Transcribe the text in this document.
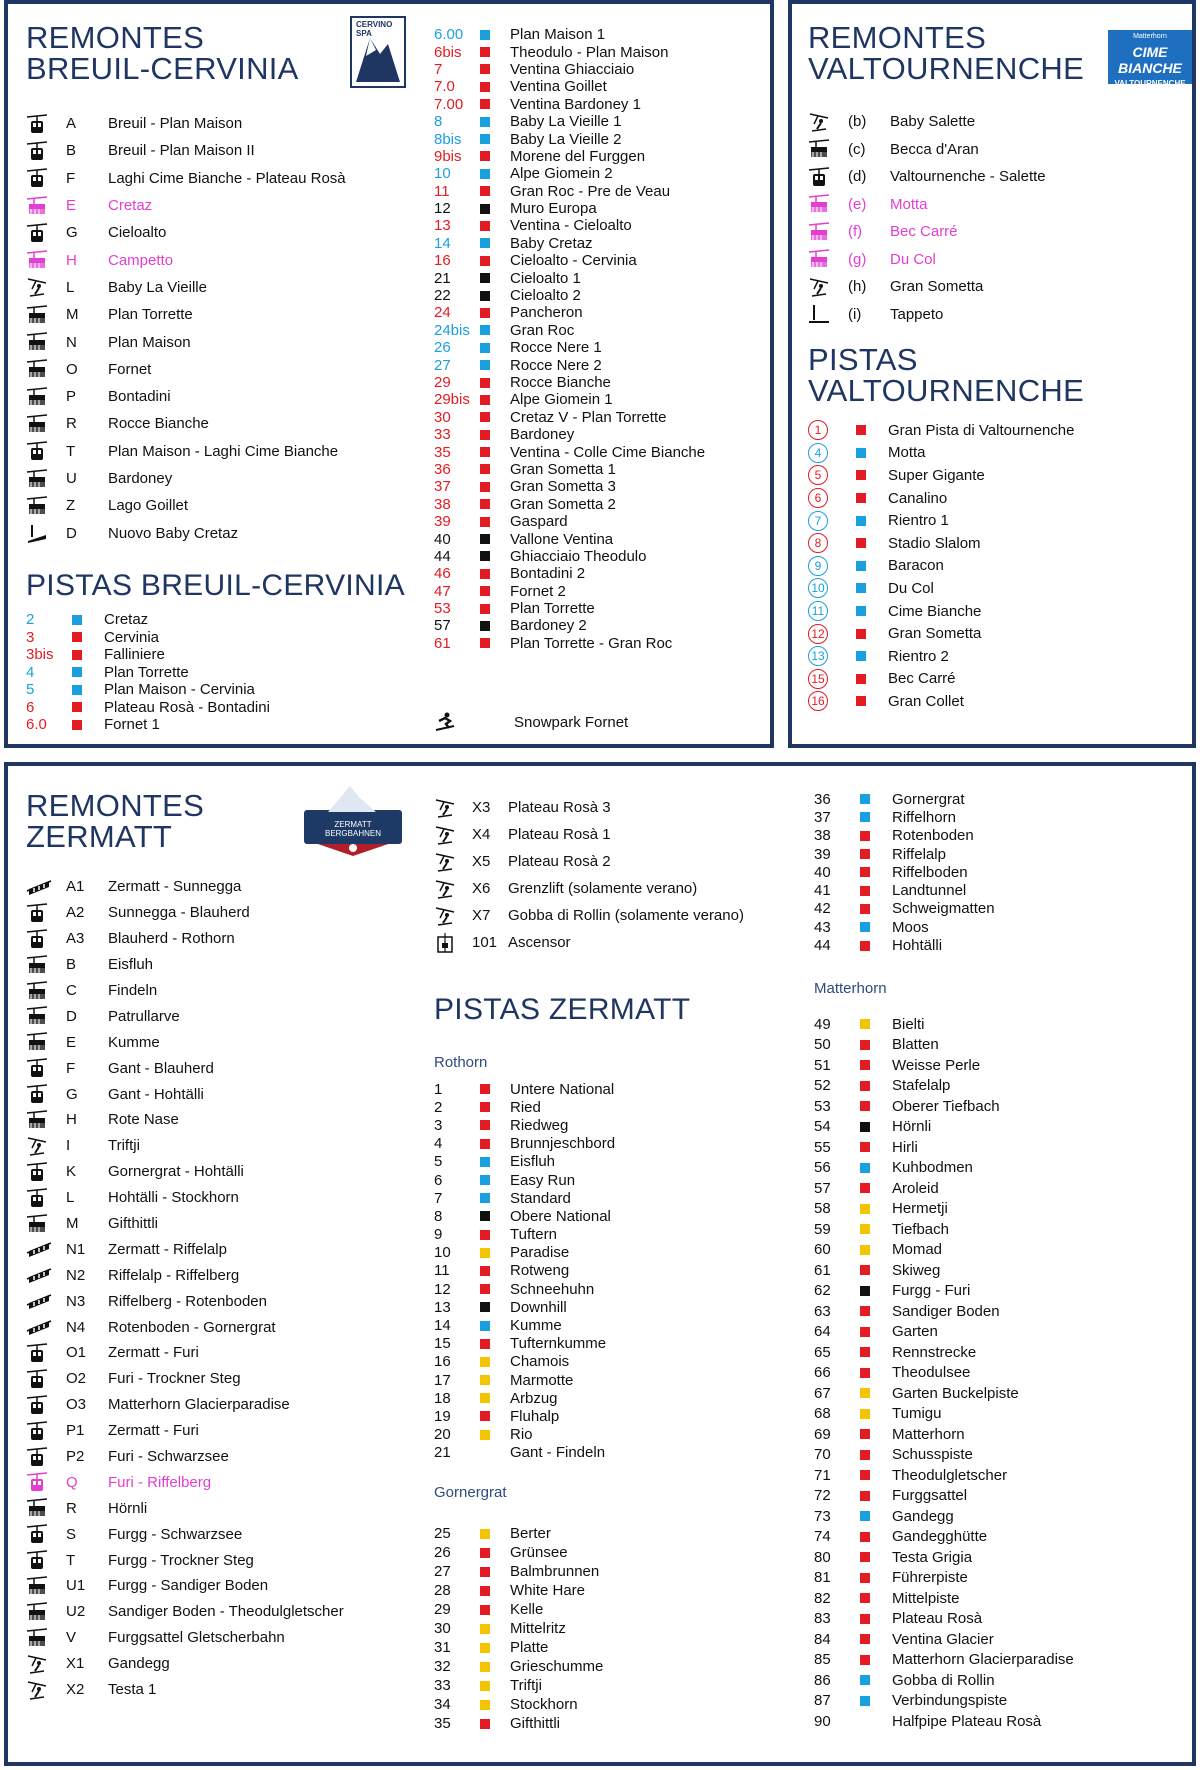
REMONTES
BREUIL-CERVINIA
CERVINO SPA
A	Breuil - Plan Maison
B	Breuil - Plan Maison II
F	Laghi Cime Bianche - Plateau Rosà
E	Cretaz
G	Cieloalto
H	Campetto
L	Baby La Vieille
M	Plan Torrette
N	Plan Maison
O	Fornet
P	Bontadini
R	Rocce Bianche
T	Plan Maison - Laghi Cime Bianche
U	Bardoney
Z	Lago Goillet
D	Nuovo Baby Cretaz
PISTAS BREUIL-CERVINIA
2	Cretaz
3	Cervinia
3bis	Falliniere
4	Plan Torrette
5	Plan Maison - Cervinia
6	Plateau Rosà - Bontadini
6.0	Fornet 1
6.00	Plan Maison 1
6bis	Theodulo - Plan Maison
7	Ventina Ghiacciaio
7.0	Ventina Goillet
7.00	Ventina Bardoney 1
8	Baby La Vieille 1
8bis	Baby La Vieille 2
9bis	Morene del Furggen
10	Alpe Giomein 2
11	Gran Roc - Pre de Veau
12	Muro Europa
13	Ventina - Cieloalto
14	Baby Cretaz
16	Cieloalto - Cervinia
21	Cieloalto 1
22	Cieloalto 2
24	Pancheron
24bis	Gran Roc
26	Rocce Nere 1
27	Rocce Nere 2
29	Rocce Bianche
29bis	Alpe Giomein 1
30	Cretaz V - Plan Torrette
33	Bardoney
35	Ventina - Colle Cime Bianche
36	Gran Sometta 1
37	Gran Sometta 3
38	Gran Sometta 2
39	Gaspard
40	Vallone Ventina
44	Ghiacciaio Theodulo
46	Bontadini 2
47	Fornet 2
53	Plan Torrette
57	Bardoney 2
61	Plan Torrette - Gran Roc
Snowpark Fornet
REMONTES
VALTOURNENCHE
Matterhorn
CIME BIANCHE
VALTOURNENCHE
(b)	Baby Salette
(c)	Becca d'Aran
(d)	Valtournenche - Salette
(e)	Motta
(f)	Bec Carré
(g)	Du Col
(h)	Gran Sometta
(i)	Tappeto
PISTAS
VALTOURNENCHE
1	Gran Pista di Valtournenche
4	Motta
5	Super Gigante
6	Canalino
7	Rientro 1
8	Stadio Slalom
9	Baracon
10	Du Col
11	Cime Bianche
12	Gran Sometta
13	Rientro 2
15	Bec Carré
16	Gran Collet
REMONTES
ZERMATT	ZERMATT
BERGBAHNEN
A1	Zermatt - Sunnegga
A2	Sunnegga - Blauherd
A3	Blauherd - Rothorn
B	Eisfluh
C	Findeln
D	Patrullarve
E	Kumme
F	Gant - Blauherd
G	Gant - Hohtälli
H	Rote Nase
I	Triftji
K	Gornergrat - Hohtälli
L	Hohtälli - Stockhorn
M	Gifthittli
N1	Zermatt - Riffelalp
N2	Riffelalp - Riffelberg
N3	Riffelberg - Rotenboden
N4	Rotenboden - Gornergrat
O1	Zermatt - Furi
O2	Furi - Trockner Steg
O3	Matterhorn Glacierparadise
P1	Zermatt - Furi
P2	Furi - Schwarzsee
Q	Furi - Riffelberg
R	Hörnli
S	Furgg - Schwarzsee
T	Furgg - Trockner Steg
U1	Furgg - Sandiger Boden
U2	Sandiger Boden - Theodulgletscher
V	Furggsattel Gletscherbahn
X1	Gandegg
X2	Testa 1
X3	Plateau Rosà 3
X4	Plateau Rosà 1
X5	Plateau Rosà 2
X6	Grenzlift (solamente verano)
X7	Gobba di Rollin (solamente verano)
101 Ascensor
PISTAS ZERMATT
Rothorn
1	Untere National
2	Ried
3	Riedweg
4	Brunnjeschbord
5	Eisfluh
6	Easy Run
7	Standard
8	Obere National
9	Tuftern
10	Paradise
11	Rotweng
12	Schneehuhn
13	Downhill
14	Kumme
15	Tufternkumme
16	Chamois
17	Marmotte
18	Arbzug
19	Fluhalp
20	Rio
21	Gant - Findeln
Gornergrat
25	Berter
26	Grünsee
27	Balmbrunnen
28	White Hare
29	Kelle
30	Mittelritz
31	Platte
32	Grieschumme
33	Triftji
34	Stockhorn
35	Gifthittli
36	Gornergrat
37	Riffelhorn
38	Rotenboden
39	Riffelalp
40	Riffelboden
41	Landtunnel
42	Schweigmatten
43	Moos
44	Hohtälli
Matterhorn
49	Bielti
50	Blatten
51	Weisse Perle
52	Stafelalp
53	Oberer Tiefbach
54	Hörnli
55	Hirli
56	Kuhbodmen
57	Aroleid
58	Hermetji
59	Tiefbach
60	Momad
61	Skiweg
62	Furgg - Furi
63	Sandiger Boden
64	Garten
65	Rennstrecke
66	Theodulsee
67	Garten Buckelpiste
68	Tumigu
69	Matterhorn
70	Schusspiste
71	Theodulgletscher
72	Furggsattel
73	Gandegg
74	Gandegghütte
80	Testa Grigia
81	Führerpiste
82	Mittelpiste
83	Plateau Rosà
84	Ventina Glacier
85	Matterhorn Glacierparadise
86	Gobba di Rollin
87	Verbindungspiste
90	Halfpipe Plateau Rosà
